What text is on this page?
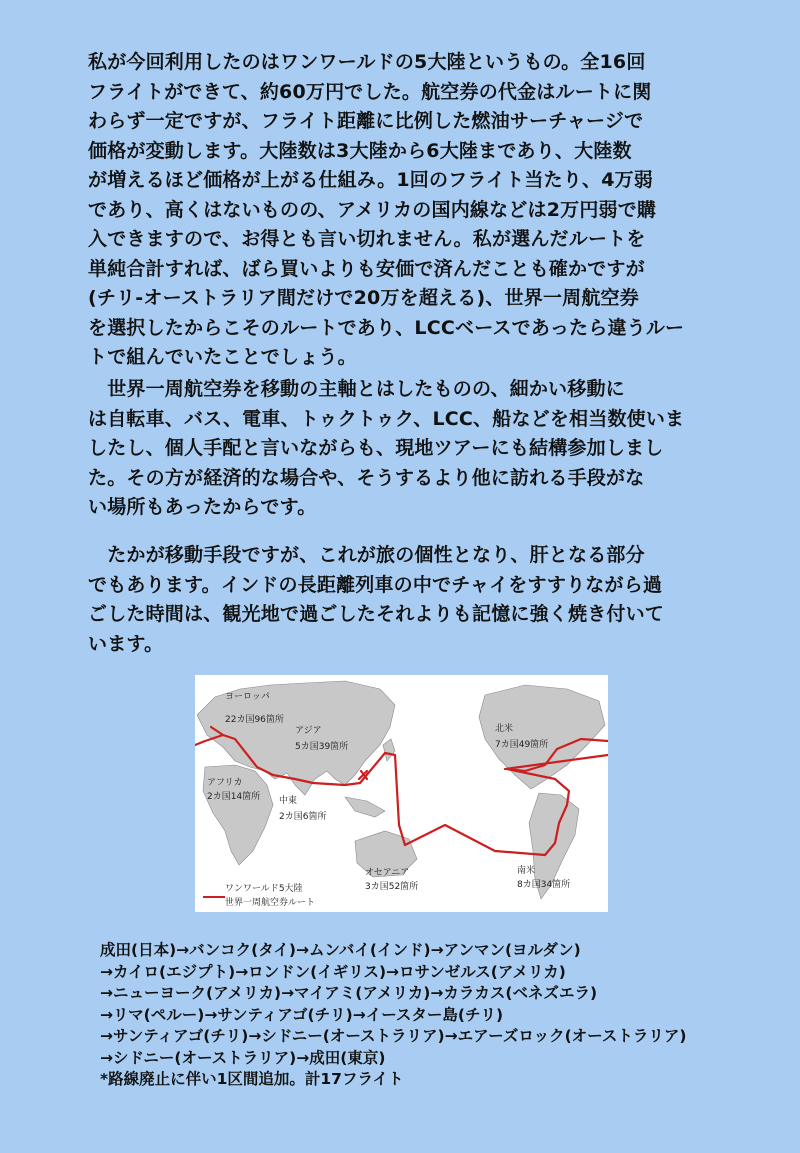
私が今回利用したのはワンワールドの5大陸というもの。全16回
フライトができて、約60万円でした。航空券の代金はルートに関
わらず一定ですが、フライト距離に比例した燃油サーチャージで
価格が変動します。大陸数は3大陸から6大陸まであり、大陸数
が増えるほど価格が上がる仕組み。1回のフライト当たり、4万弱
であり、高くはないものの、アメリカの国内線などは2万円弱で購
入できますので、お得とも言い切れません。私が選んだルートを
単純合計すれば、ばら買いよりも安価で済んだことも確かですが
(チリ-オーストラリア間だけで20万を超える)、世界一周航空券
を選択したからこそのルートであり、LCCベースであったら違うルー
トで組んでいたことでしょう。
　世界一周航空券を移動の主軸とはしたものの、細かい移動に
は自転車、バス、電車、トゥクトゥク、LCC、船などを相当数使いま
したし、個人手配と言いながらも、現地ツアーにも結構参加しまし
た。その方が経済的な場合や、そうするより他に訪れる手段がな
い場所もあったからです。
　たかが移動手段ですが、これが旅の個性となり、肝となる部分
でもあります。インドの長距離列車の中でチャイをすすりながら過
ごした時間は、観光地で過ごしたそれよりも記憶に強く焼き付いて
います。
ヨーロッパ
22カ国96箇所
アジア
5カ国39箇所
北米
7カ国49箇所
アフリカ
2カ国14箇所 中東
2カ国6箇所
南米
8カ国34箇所
オセアニア
3カ国52箇所
ワンワールド5大陸
世界一周航空券ルート
成田(日本)→バンコク(タイ)→ムンバイ(インド)→アンマン(ヨルダン)
→カイロ(エジプト)→ロンドン(イギリス)→ロサンゼルス(アメリカ)
→ニューヨーク(アメリカ)→マイアミ(アメリカ)→カラカス(ベネズエラ)
→リマ(ペルー)→サンティアゴ(チリ)→イースター島(チリ)
→サンティアゴ(チリ)→シドニー(オーストラリア)→エアーズロック(オーストラリア)
→シドニー(オーストラリア)→成田(東京)
*路線廃止に伴い1区間追加。計17フライト
